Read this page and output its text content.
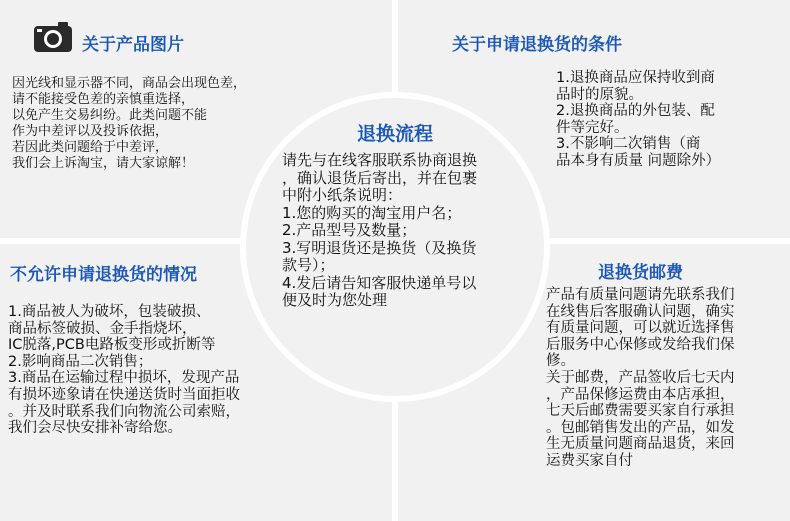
关于产品图片
因光线和显示器不同，商品会出现色差，
请不能接受色差的亲慎重选择，
以免产生交易纠纷。此类问题不能
作为中差评以及投诉依据，
若因此类问题给于中差评，
我们会上诉淘宝，请大家谅解！
关于申请退换货的条件
1.退换商品应保持收到商
品时的原貌。
2.退换商品的外包装、配
件等完好。
3.不影响二次销售（商
品本身有质量 问题除外）
不允许申请退换货的情况
1.商品被人为破坏，包装破损、
商品标签破损、金手指烧坏，
IC脱落,PCB电路板变形或折断等
2.影响商品二次销售；
3.商品在运输过程中损坏，发现产品
有损坏迹象请在快递送货时当面拒收
。并及时联系我们向物流公司索赔，
我们会尽快安排补寄给您。
退换货邮费
产品有质量问题请先联系我们
在线售后客服确认问题，确实
有质量问题，可以就近选择售
后服务中心保修或发给我们保
修。
关于邮费，产品签收后七天内
，产品保修运费由本店承担，
七天后邮费需要买家自行承担
。包邮销售发出的产品，如发
生无质量问题商品退货，来回
运费买家自付
退换流程
请先与在线客服联系协商退换
，确认退货后寄出，并在包裹
中附小纸条说明：
1.您的购买的淘宝用户名；
2.产品型号及数量；
3.写明退货还是换货（及换货
款号）；
4.发后请告知客服快递单号以
便及时为您处理
